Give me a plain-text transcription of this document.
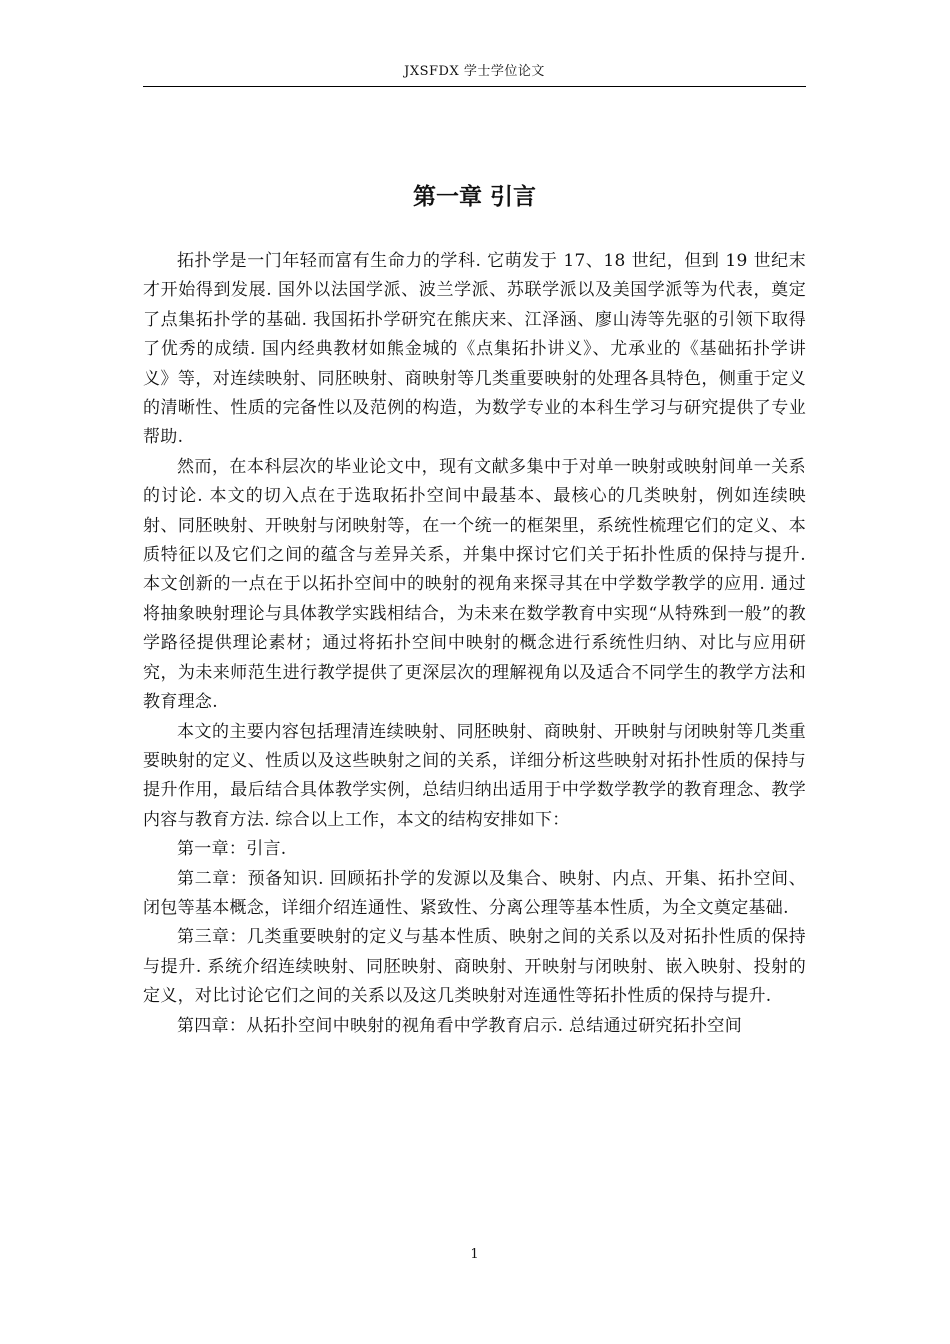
JXSFDX 学士学位论文
第一章 引言

拓扑学是一门年轻而富有生命力的学科. 它萌发于 17、18 世纪，但到 19 世纪末才开始得到发展. 国外以法国学派、波兰学派、苏联学派以及美国学派等为代表，奠定了点集拓扑学的基础. 我国拓扑学研究在熊庆来、江泽涵、廖山涛等先驱的引领下取得了优秀的成绩. 国内经典教材如熊金城的《点集拓扑讲义》、尤承业的《基础拓扑学讲义》等，对连续映射、同胚映射、商映射等几类重要映射的处理各具特色，侧重于定义的清晰性、性质的完备性以及范例的构造，为数学专业的本科生学习与研究提供了专业帮助.

然而，在本科层次的毕业论文中，现有文献多集中于对单一映射或映射间单一关系的讨论. 本文的切入点在于选取拓扑空间中最基本、最核心的几类映射，例如连续映射、同胚映射、开映射与闭映射等，在一个统一的框架里，系统性梳理它们的定义、本质特征以及它们之间的蕴含与差异关系，并集中探讨它们关于拓扑性质的保持与提升. 本文创新的一点在于以拓扑空间中的映射的视角来探寻其在中学数学教学的应用. 通过将抽象映射理论与具体教学实践相结合，为未来在数学教育中实现“从特殊到一般”的教学路径提供理论素材；通过将拓扑空间中映射的概念进行系统性归纳、对比与应用研究，为未来师范生进行教学提供了更深层次的理解视角以及适合不同学生的教学方法和教育理念.

本文的主要内容包括理清连续映射、同胚映射、商映射、开映射与闭映射等几类重要映射的定义、性质以及这些映射之间的关系，详细分析这些映射对拓扑性质的保持与提升作用，最后结合具体教学实例，总结归纳出适用于中学数学教学的教育理念、教学内容与教育方法. 综合以上工作，本文的结构安排如下：

第一章：引言.

第二章：预备知识. 回顾拓扑学的发源以及集合、映射、内点、开集、拓扑空间、闭包等基本概念，详细介绍连通性、紧致性、分离公理等基本性质，为全文奠定基础.

第三章：几类重要映射的定义与基本性质、映射之间的关系以及对拓扑性质的保持与提升. 系统介绍连续映射、同胚映射、商映射、开映射与闭映射、嵌入映射、投射的定义，对比讨论它们之间的关系以及这几类映射对连通性等拓扑性质的保持与提升.

第四章：从拓扑空间中映射的视角看中学教育启示. 总结通过研究拓扑空间

1
